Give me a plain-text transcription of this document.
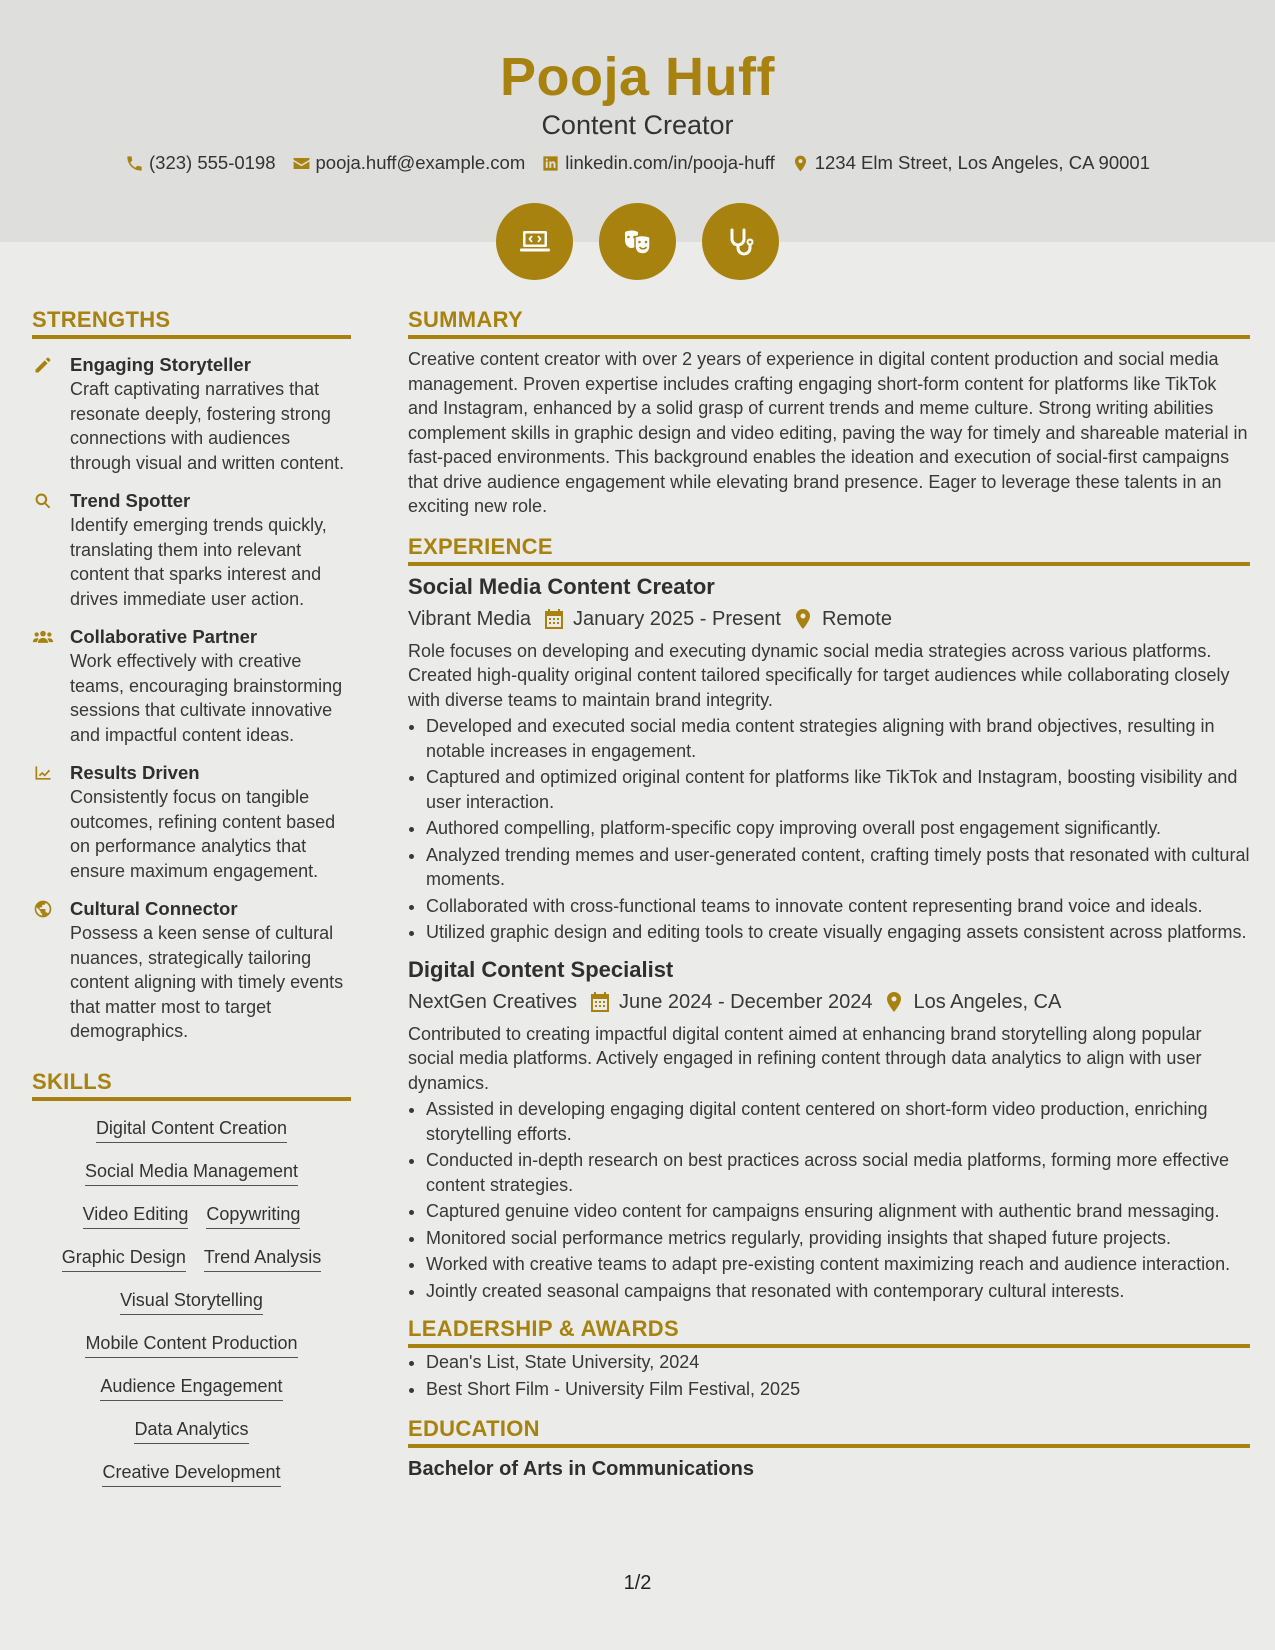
Pooja Huff
Content Creator
(323) 555-0198 pooja.huff@example.com linkedin.com/in/pooja-huff 1234 Elm Street, Los Angeles, CA 90001
STRENGTHS
Engaging Storyteller
Craft captivating narratives that resonate deeply, fostering strong connections with audiences through visual and written content.
Trend Spotter
Identify emerging trends quickly, translating them into relevant content that sparks interest and drives immediate user action.
Collaborative Partner
Work effectively with creative teams, encouraging brainstorming sessions that cultivate innovative and impactful content ideas.
Results Driven
Consistently focus on tangible outcomes, refining content based on performance analytics that ensure maximum engagement.
Cultural Connector
Possess a keen sense of cultural nuances, strategically tailoring content aligning with timely events that matter most to target demographics.
SKILLS
Digital Content Creation
Social Media Management
Video Editing Copywriting
Graphic Design Trend Analysis
Visual Storytelling
Mobile Content Production
Audience Engagement
Data Analytics
Creative Development
SUMMARY
Creative content creator with over 2 years of experience in digital content production and social media management. Proven expertise includes crafting engaging short-form content for platforms like TikTok and Instagram, enhanced by a solid grasp of current trends and meme culture. Strong writing abilities complement skills in graphic design and video editing, paving the way for timely and shareable material in fast-paced environments. This background enables the ideation and execution of social-first campaigns that drive audience engagement while elevating brand presence. Eager to leverage these talents in an exciting new role.
EXPERIENCE
Social Media Content Creator
Vibrant Media January 2025 - Present Remote
Role focuses on developing and executing dynamic social media strategies across various platforms. Created high-quality original content tailored specifically for target audiences while collaborating closely with diverse teams to maintain brand integrity.
• Developed and executed social media content strategies aligning with brand objectives, resulting in notable increases in engagement.
• Captured and optimized original content for platforms like TikTok and Instagram, boosting visibility and user interaction.
• Authored compelling, platform-specific copy improving overall post engagement significantly.
• Analyzed trending memes and user-generated content, crafting timely posts that resonated with cultural moments.
• Collaborated with cross-functional teams to innovate content representing brand voice and ideals.
• Utilized graphic design and editing tools to create visually engaging assets consistent across platforms.
Digital Content Specialist
NextGen Creatives June 2024 - December 2024 Los Angeles, CA
Contributed to creating impactful digital content aimed at enhancing brand storytelling along popular social media platforms. Actively engaged in refining content through data analytics to align with user dynamics.
• Assisted in developing engaging digital content centered on short-form video production, enriching storytelling efforts.
• Conducted in-depth research on best practices across social media platforms, forming more effective content strategies.
• Captured genuine video content for campaigns ensuring alignment with authentic brand messaging.
• Monitored social performance metrics regularly, providing insights that shaped future projects.
• Worked with creative teams to adapt pre-existing content maximizing reach and audience interaction.
• Jointly created seasonal campaigns that resonated with contemporary cultural interests.
LEADERSHIP & AWARDS
• Dean's List, State University, 2024
• Best Short Film - University Film Festival, 2025
EDUCATION
Bachelor of Arts in Communications
1/2
